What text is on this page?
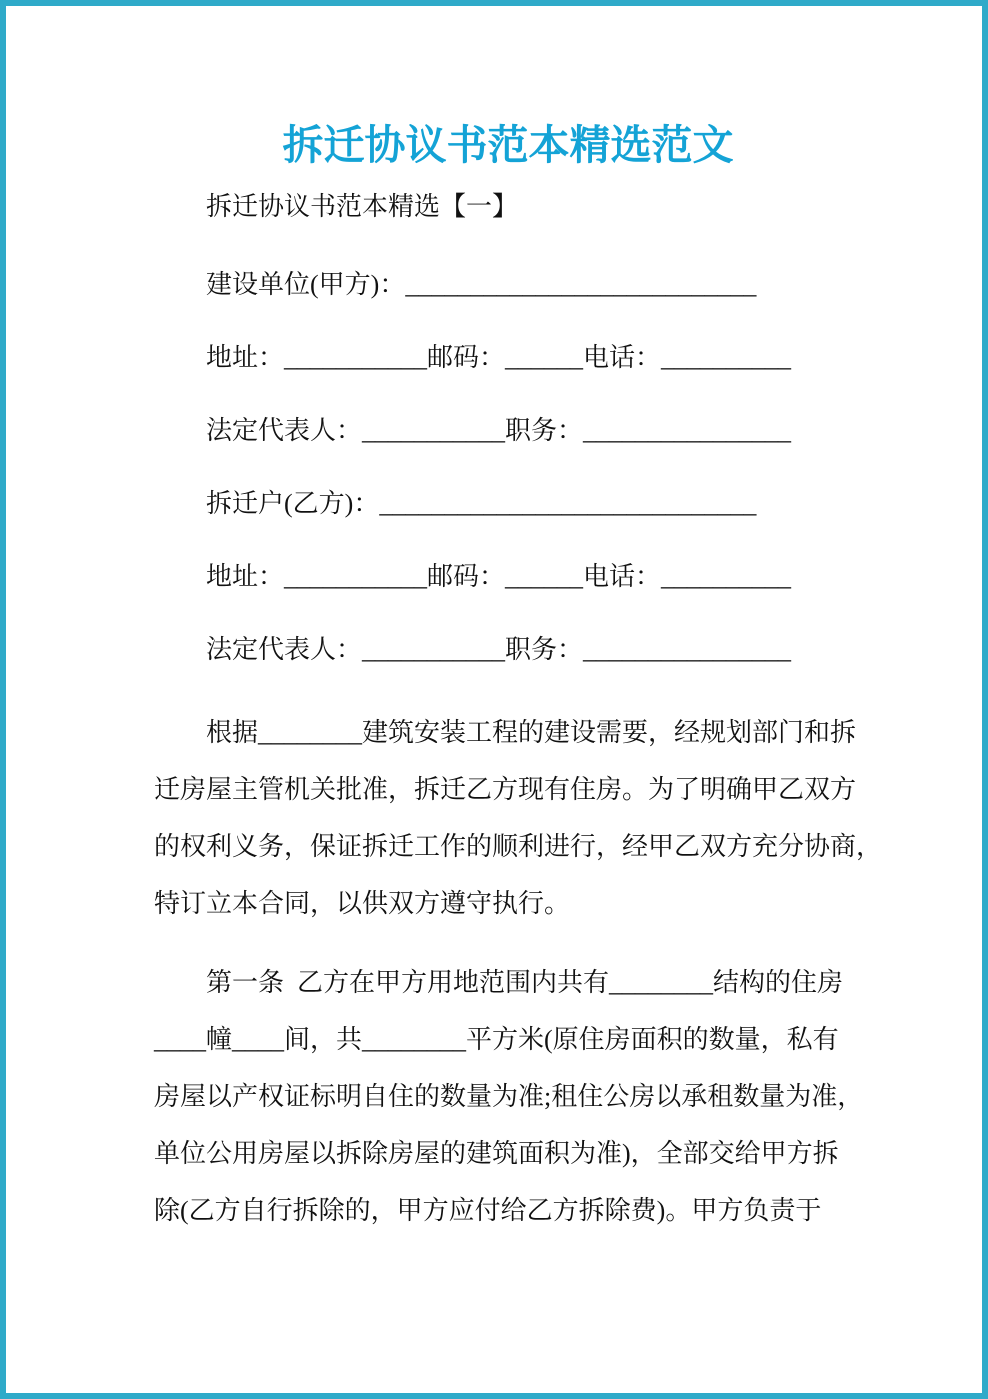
拆迁协议书范本精选范文
拆迁协议书范本精选【一】
建设单位(甲方)：___________________________
地址：___________邮码：______电话：__________
法定代表人：___________职务：________________
拆迁户(乙方)：_____________________________
地址：___________邮码：______电话：__________
法定代表人：___________职务：________________
根据________建筑安装工程的建设需要，经规划部门和拆
迁房屋主管机关批准，拆迁乙方现有住房。为了明确甲乙双方
的权利义务，保证拆迁工作的顺利进行，经甲乙双方充分协商，
特订立本合同，以供双方遵守执行。
第一条  乙方在甲方用地范围内共有________结构的住房
____幢____间，共________平方米(原住房面积的数量，私有
房屋以产权证标明自住的数量为准;租住公房以承租数量为准，
单位公用房屋以拆除房屋的建筑面积为准)，全部交给甲方拆
除(乙方自行拆除的，甲方应付给乙方拆除费)。甲方负责于
